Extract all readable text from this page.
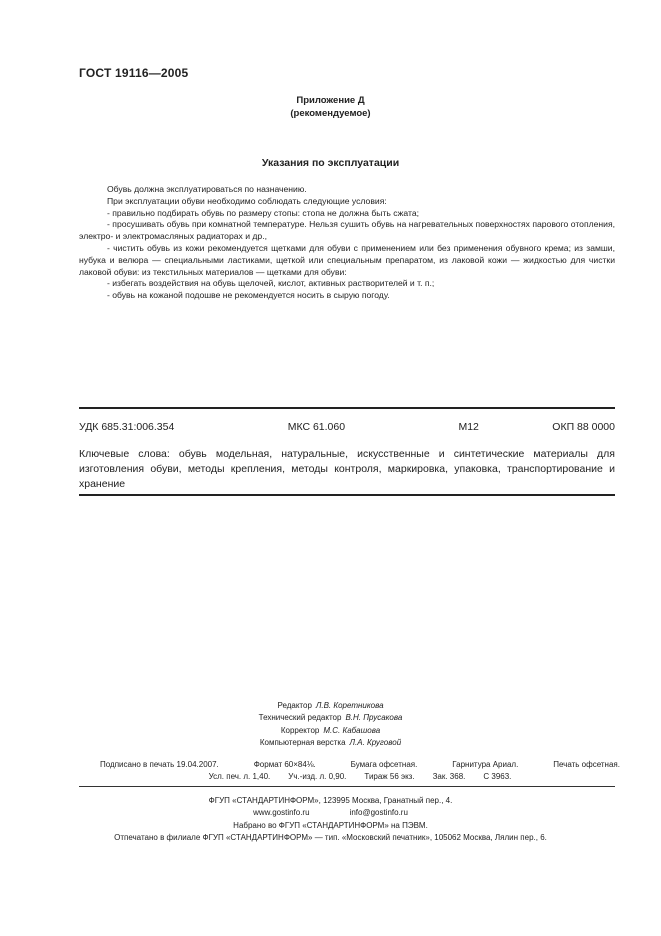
ГОСТ 19116—2005
Приложение Д
(рекомендуемое)
Указания по эксплуатации

Обувь должна эксплуатироваться по назначению.

При эксплуатации обуви необходимо соблюдать следующие условия:

- правильно подбирать обувь по размеру стопы: стопа не должна быть сжата;

- просушивать обувь при комнатной температуре. Нельзя сушить обувь на нагревательных поверхностях парового отопления, электро- и электромасляных радиаторах и др.,

- чистить обувь из кожи рекомендуется щетками для обуви с применением или без применения обувного крема; из замши, нубука и велюра — специальными ластиками, щеткой или специальным препаратом, из лаковой кожи — жидкостью для чистки лаковой обуви: из текстильных материалов — щетками для обуви:

- избегать воздействия на обувь щелочей, кислот, активных растворителей и т. п.;

- обувь на кожаной подошве не рекомендуется носить в сырую погоду.

УДК 685.31:006.354	МКС 61.060	М12	ОКП 88 0000

Ключевые слова: обувь модельная, натуральные, искусственные и синтетические материалы для изготовления обуви, методы крепления, методы контроля, маркировка, упаковка, транспортирование и хранение

Редактор Л.В. Коретникова
Технический редактор В.Н. Прусакова
Корректор М.С. Кабашова
Компьютерная верстка Л.А. Круговой
Подписано в печать 19.04.2007.	Формат 60×84⅛.	Бумага офсетная.	Гарнитура Ариал.	Печать офсетная.
Усл. печ. л. 1,40. Уч.-изд. л. 0,90. Тираж 56 экз. Зак. 368. С 3963.
ФГУП «СТАНДАРТИНФОРМ», 123995 Москва, Гранатный пер., 4.
www.gostinfo.ru	info@gostinfo.ru
Набрано во ФГУП «СТАНДАРТИНФОРМ» на ПЭВМ.
Отпечатано в филиале ФГУП «СТАНДАРТИНФОРМ» — тип. «Московский печатник», 105062 Москва, Лялин пер., 6.
